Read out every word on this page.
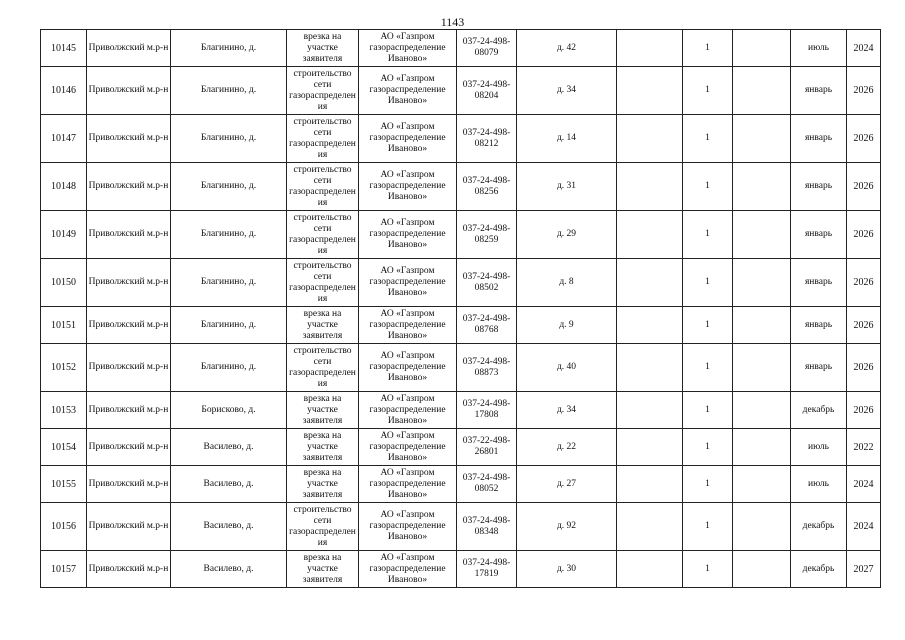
1143
10145	Приволжский м.р-н	Благинино, д.	врезка на участке заявителя	АО «Газпром газораспределение Иваново»	037-24-498-08079	д. 42		1		июль	2024
10146	Приволжский м.р-н	Благинино, д.	строительство сети газораспределения	АО «Газпром газораспределение Иваново»	037-24-498-08204	д. 34		1		январь	2026
10147	Приволжский м.р-н	Благинино, д.	строительство сети газораспределения	АО «Газпром газораспределение Иваново»	037-24-498-08212	д. 14		1		январь	2026
10148	Приволжский м.р-н	Благинино, д.	строительство сети газораспределения	АО «Газпром газораспределение Иваново»	037-24-498-08256	д. 31		1		январь	2026
10149	Приволжский м.р-н	Благинино, д.	строительство сети газораспределения	АО «Газпром газораспределение Иваново»	037-24-498-08259	д. 29		1		январь	2026
10150	Приволжский м.р-н	Благинино, д.	строительство сети газораспределения	АО «Газпром газораспределение Иваново»	037-24-498-08502	д. 8		1		январь	2026
10151	Приволжский м.р-н	Благинино, д.	врезка на участке заявителя	АО «Газпром газораспределение Иваново»	037-24-498-08768	д. 9		1		январь	2026
10152	Приволжский м.р-н	Благинино, д.	строительство сети газораспределения	АО «Газпром газораспределение Иваново»	037-24-498-08873	д. 40		1		январь	2026
10153	Приволжский м.р-н	Борисково, д.	врезка на участке заявителя	АО «Газпром газораспределение Иваново»	037-24-498-17808	д. 34		1		декабрь	2026
10154	Приволжский м.р-н	Василево, д.	врезка на участке заявителя	АО «Газпром газораспределение Иваново»	037-22-498-26801	д. 22		1		июль	2022
10155	Приволжский м.р-н	Василево, д.	врезка на участке заявителя	АО «Газпром газораспределение Иваново»	037-24-498-08052	д. 27		1		июль	2024
10156	Приволжский м.р-н	Василево, д.	строительство сети газораспределения	АО «Газпром газораспределение Иваново»	037-24-498-08348	д. 92		1		декабрь	2024
10157	Приволжский м.р-н	Василево, д.	врезка на участке заявителя	АО «Газпром газораспределение Иваново»	037-24-498-17819	д. 30		1		декабрь	2027
